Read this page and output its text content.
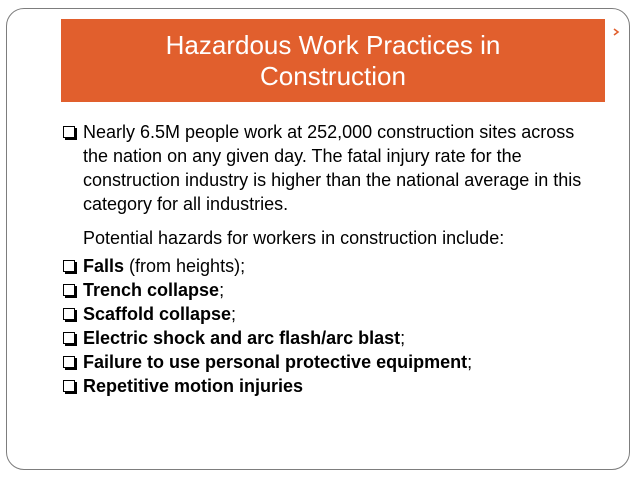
Hazardous Work Practices in
Construction
Nearly 6.5M people work at 252,000 construction sites across the nation on any given day. The fatal injury rate for the construction industry is higher than the national average in this category for all industries.
Potential hazards for workers in construction include:
Falls (from heights);
Trench collapse;
Scaffold collapse;
Electric shock and arc flash/arc blast;
Failure to use personal protective equipment;
Repetitive motion injuries
